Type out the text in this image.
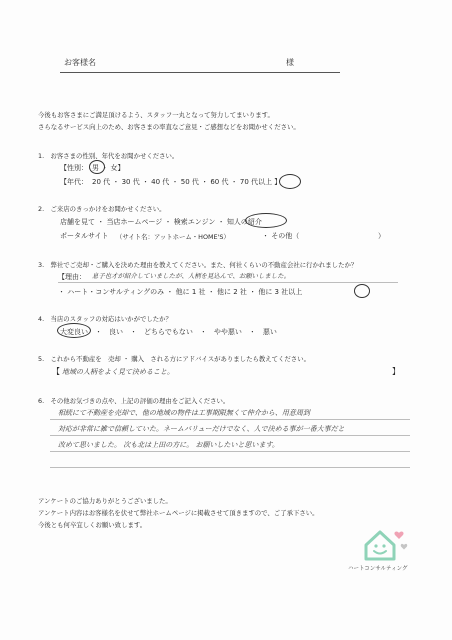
お客様名	様
今後もお客さまにご満足頂けるよう、スタッフ一丸となって努力してまいります。
さらなるサービス向上のため、お客さまの率直なご意見・ご感想などをお聞かせください。
1.　お客さまの性別、年代をお聞かせください。
【性別： 男 ・ 女】
【年代： 20 代 ・ 30 代 ・ 40 代 ・ 50 代 ・ 60 代 ・ 70 代以上 】
2.　ご来店のきっかけをお聞かせください。
店舗を見て ・ 当店ホームページ ・ 検索エンジン ・ 知人の紹介
ポータルサイト （サイト名：アットホーム・HOME'S）	・ その他（	）
3.　弊社でご売却・ご購入を決めた理由を教えてください。また、何社くらいの不動産会社に行かれましたか？
【理由： 息子也才が紹介していましたが、人柄を見込んで、お願いしました。
・ ハート・コンサルティングのみ ・ 他に 1 社 ・ 他に 2 社 ・ 他に 3 社以上
4.　当店のスタッフの対応はいかがでしたか？
大変良い　・　良い　・　どちらでもない　・　やや悪い　・　悪い
5.　これから不動産を　売却 ・ 購入　される方にアドバイスがありましたら教えてください。
【 地域の人柄をよく見て決めること。	】
6.　その他お気づきの点や、上記の評価の理由をご記入ください。
相続にて不動産を売却で、他の地域の物件は工事期限無くて仲介から、用意周到
対応が非常に雑で信頼していた。ネームバリューだけでなく、人で決める事が一番大事だと
改めて思いました。 次も北は上田の方に。 お願いしたいと思います。
アンケートのご協力ありがとうございました。
アンケート内容はお客様名を伏せて弊社ホームページに掲載させて頂きますので、ご了承下さい。
今後とも何卒宜しくお願い致します。
ハートコンサルティング
